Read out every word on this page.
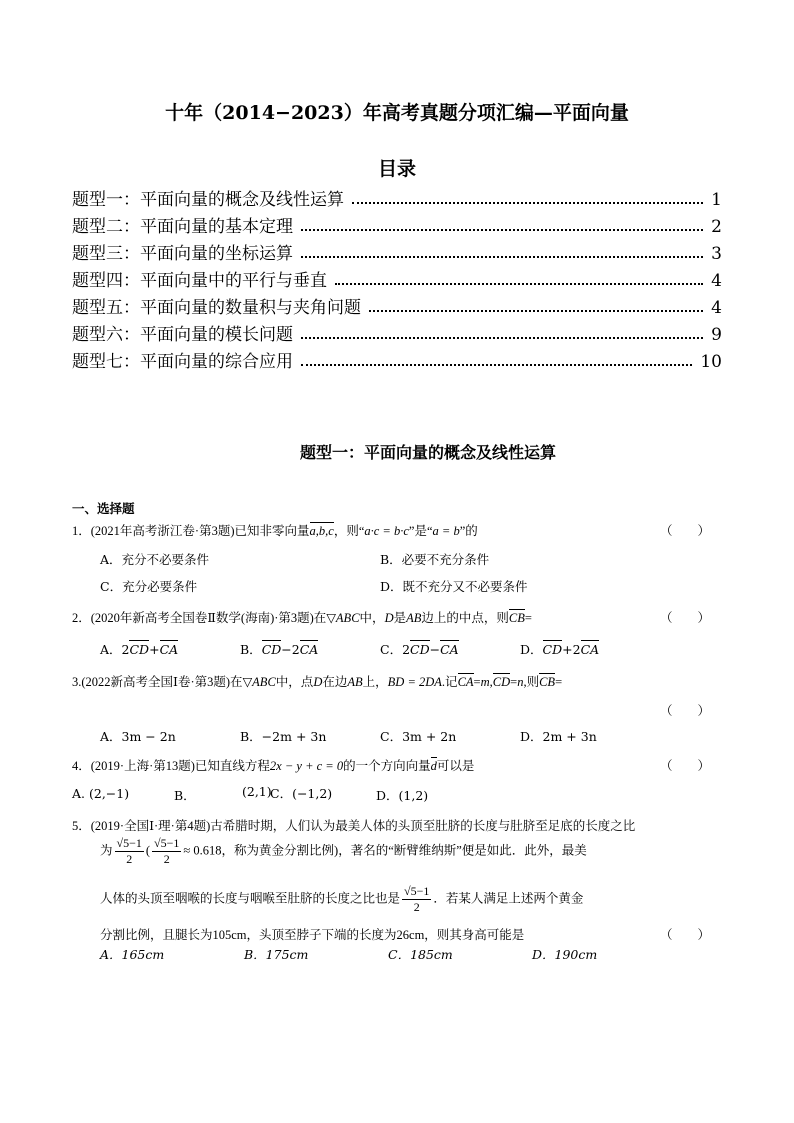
十年（2014−2023）年高考真题分项汇编—平面向量
目录
题型一：平面向量的概念及线性运算	1
题型二：平面向量的基本定理	2
题型三：平面向量的坐标运算	3
题型四：平面向量中的平行与垂直	4
题型五：平面向量的数量积与夹角问题	4
题型六：平面向量的模长问题	9
题型七：平面向量的综合应用	10
题型一：平面向量的概念及线性运算
一、选择题
1．(2021年高考浙江卷·第3题)已知非零向量a,b,c，则“a·c = b·c”是“a = b”的	（　　）
A．充分不必要条件	B．必要不充分条件
C．充分必要条件	D．既不充分又不必要条件
2．(2020年新高考全国卷Ⅱ数学(海南)·第3题)在▽ABC中，D是AB边上的中点，则CB=	（　　）
A．2CD+CA	B．CD−2CA	C．2CD−CA	D．CD+2CA
3.(2022新高考全国Ⅰ卷·第3题)在▽ABC中，点D在边AB上，BD = 2DA.记CA=m,CD=n,则CB=
（　　）
A．3m − 2n	B．−2m + 3n	C．3m + 2n	D．2m + 3n
4．(2019·上海·第13题)已知直线方程2x − y + c = 0的一个方向向量d可以是	（　　）
A. (2,−1)	B．	(2,1)
C．(−1,2)	D．(1,2)
5．(2019·全国Ⅰ·理·第4题)古希腊时期，人们认为最美人体的头顶至肚脐的长度与肚脐至足底的长度之比
为 $\frac{√5-1}{2}$ ( $\frac{√5-1}{2} \approx 0.618$，称为黄金分割比例)，著名的“断臂维纳斯”便是如此．此外，最美
人体的头顶至咽喉的长度与咽喉至肚脐的长度之比也是 $\frac{√5-1}{2}$ ．若某人满足上述两个黄金
分割比例，且腿长为105cm，头顶至脖子下端的长度为26cm，则其身高可能是	（　　）
A．165cm	B．175cm	C．185cm	D．190cm
